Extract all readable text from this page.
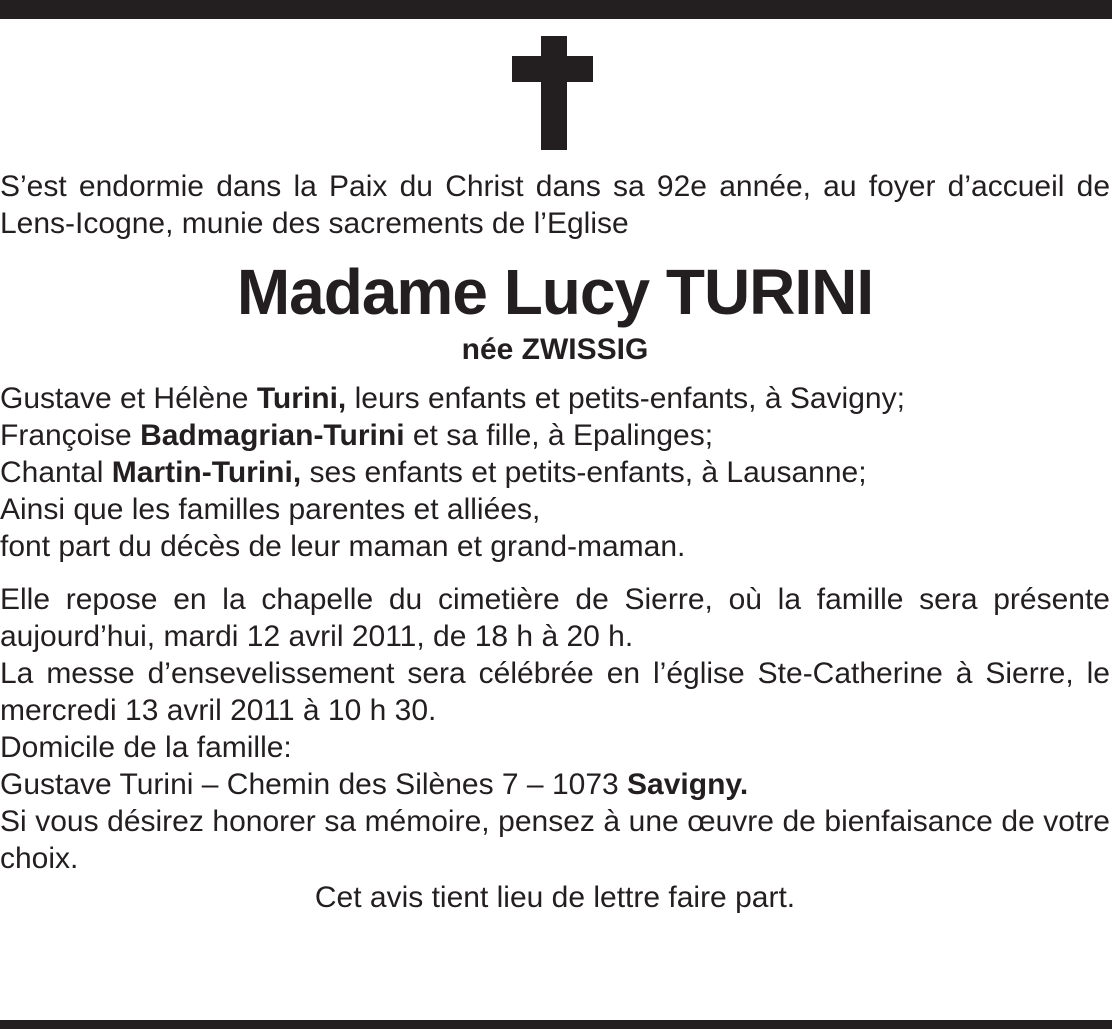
S’est endormie dans la Paix du Christ dans sa 92e année, au foyer d’accueil de Lens-Icogne, munie des sacrements de l’Eglise

Madame Lucy TURINI
née ZWISSIG

Gustave et Hélène Turini, leurs enfants et petits-enfants, à Savigny;

Françoise Badmagrian-Turini et sa fille, à Epalinges;

Chantal Martin-Turini, ses enfants et petits-enfants, à Lausanne;

Ainsi que les familles parentes et alliées,

font part du décès de leur maman et grand-maman.

Elle repose en la chapelle du cimetière de Sierre, où la famille sera présente aujourd’hui, mardi 12 avril 2011, de 18 h à 20 h.

La messe d’ensevelissement sera célébrée en l’église Ste-Catherine à Sierre, le mercredi 13 avril 2011 à 10 h 30.

Domicile de la famille:

Gustave Turini – Chemin des Silènes 7 – 1073 Savigny.

Si vous désirez honorer sa mémoire, pensez à une œuvre de bienfaisance de votre choix.

Cet avis tient lieu de lettre faire part.
